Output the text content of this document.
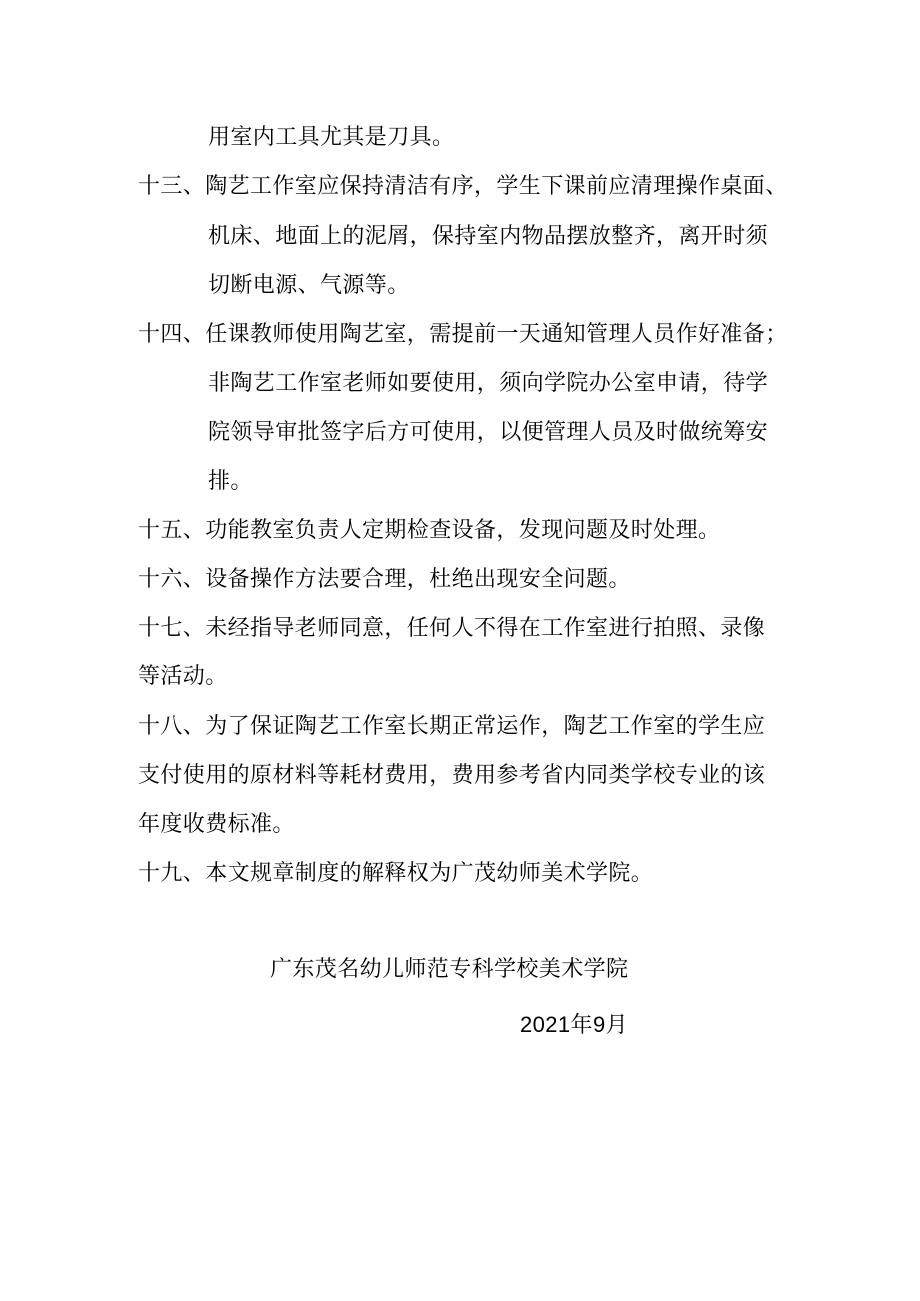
用室内工具尤其是刀具。
十三、陶艺工作室应保持清洁有序，学生下课前应清理操作桌面、
机床、地面上的泥屑，保持室内物品摆放整齐，离开时须
切断电源、气源等。
十四、任课教师使用陶艺室，需提前一天通知管理人员作好准备；
非陶艺工作室老师如要使用，须向学院办公室申请，待学
院领导审批签字后方可使用，以便管理人员及时做统筹安
排。
十五、功能教室负责人定期检查设备，发现问题及时处理。
十六、设备操作方法要合理，杜绝出现安全问题。
十七、未经指导老师同意，任何人不得在工作室进行拍照、录像
等活动。
十八、为了保证陶艺工作室长期正常运作，陶艺工作室的学生应
支付使用的原材料等耗材费用，费用参考省内同类学校专业的该
年度收费标准。
十九、本文规章制度的解释权为广茂幼师美术学院。
广东茂名幼儿师范专科学校美术学院
2021年9月
